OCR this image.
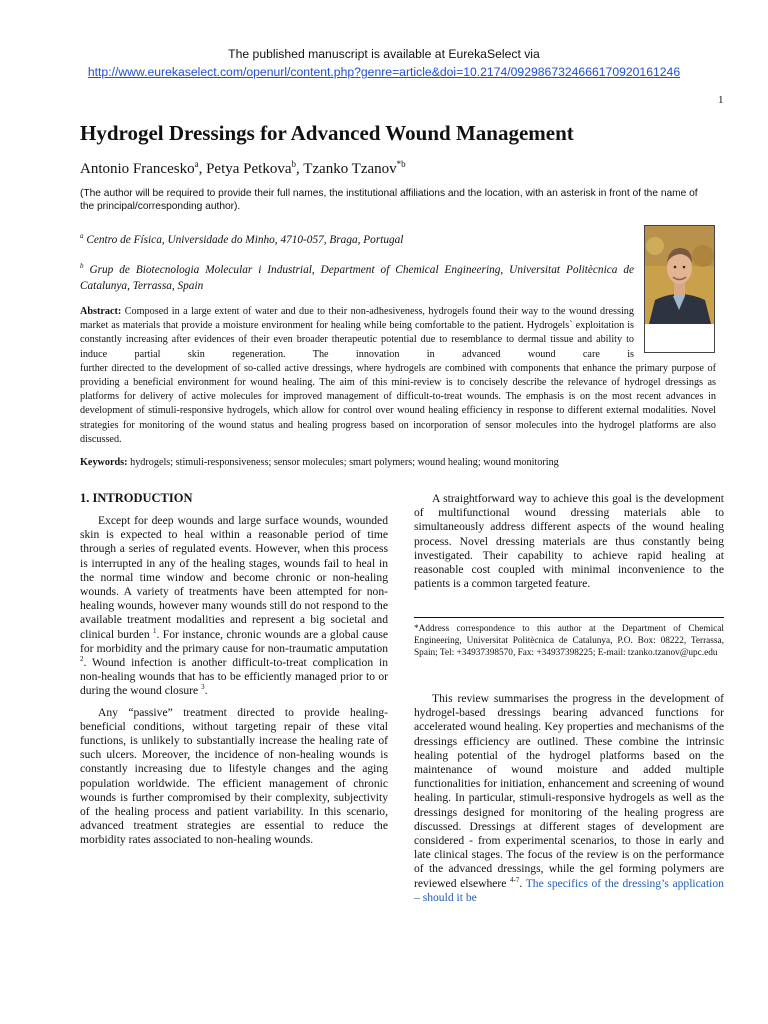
The published manuscript is available at EurekaSelect via
http://www.eurekaselect.com/openurl/content.php?genre=article&doi=10.2174/0929867324666170920161246
1
Hydrogel Dressings for Advanced Wound Management
Antonio Francesko$^a$, Petya Petkova$^b$, Tzanko Tzanov$^{*b}$
(The author will be required to provide their full names, the institutional affiliations and the location, with an asterisk in front of the name of the principal/corresponding author).
$^a$ Centro de Física, Universidade do Minho, 4710-057, Braga, Portugal
$^b$ Grup de Biotecnologia Molecular i Industrial, Department of Chemical Engineering, Universitat Politècnica de Catalunya, Terrassa, Spain
Abstract: Composed in a large extent of water and due to their non-adhesiveness, hydrogels found their way to the wound dressing market as materials that provide a moisture environment for healing while being comfortable to the patient. Hydrogels` exploitation is constantly increasing after evidences of their even broader therapeutic potential due to resemblance to dermal tissue and ability to induce partial skin regeneration. The innovation in advanced wound care is
further directed to the development of so-called active dressings, where hydrogels are combined with components that enhance the primary purpose of providing a beneficial environment for wound healing. The aim of this mini-review is to concisely describe the relevance of hydrogel dressings as platforms for delivery of active molecules for improved management of difficult-to-treat wounds. The emphasis is on the most recent advances in development of stimuli-responsive hydrogels, which allow for control over wound healing efficiency in response to different external modalities. Novel strategies for monitoring of the wound status and healing progress based on incorporation of sensor molecules into the hydrogel platforms are also discussed.
Keywords: hydrogels; stimuli-responsiveness; sensor molecules; smart polymers; wound healing; wound monitoring
1. INTRODUCTION

Except for deep wounds and large surface wounds, wounded skin is expected to heal within a reasonable period of time through a series of regulated events. However, when this process is interrupted in any of the healing stages, wounds fail to heal in the normal time window and become chronic or non-healing wounds. A variety of treatments have been attempted for non-healing wounds, however many wounds still do not respond to the available treatment modalities and represent a big societal and clinical burden $^1$. For instance, chronic wounds are a global cause for morbidity and the primary cause for non-traumatic amputation $^2$. Wound infection is another difficult-to-treat complication in non-healing wounds that has to be efficiently managed prior to or during the wound closure $^3$.

Any “passive” treatment directed to provide healing-beneficial conditions, without targeting repair of these vital functions, is unlikely to substantially increase the healing rate of such ulcers. Moreover, the incidence of non-healing wounds is constantly increasing due to lifestyle changes and the aging population worldwide. The efficient management of chronic wounds is further compromised by their complexity, subjectivity of the healing process and patient variability. In this scenario, advanced treatment strategies are essential to reduce the morbidity rates associated to non-healing wounds.

A straightforward way to achieve this goal is the development of multifunctional wound dressing materials able to simultaneously address different aspects of the wound healing process. Novel dressing materials are thus constantly being investigated. Their capability to achieve rapid healing at reasonable cost coupled with minimal inconvenience to the patients is a common targeted feature.

*Address correspondence to this author at the Department of Chemical Engineering, Universitat Politècnica de Catalunya, P.O. Box: 08222, Terrassa, Spain; Tel: +34937398570, Fax: +34937398225; E-mail: tzanko.tzanov@upc.edu

This review summarises the progress in the development of hydrogel-based dressings bearing advanced functions for accelerated wound healing. Key properties and mechanisms of the dressings efficiency are outlined. These combine the intrinsic healing potential of the hydrogel platforms based on the maintenance of wound moisture and added multiple functionalities for initiation, enhancement and screening of wound healing. In particular, stimuli-responsive hydrogels as well as the dressings designed for monitoring of the healing progress are discussed. Dressings at different stages of development are considered - from experimental scenarios, to those in early and late clinical stages. The focus of the review is on the performance of the advanced dressings, while the gel forming polymers are reviewed elsewhere $^{4-7}$. The specifics of the dressing’s application – should it be
